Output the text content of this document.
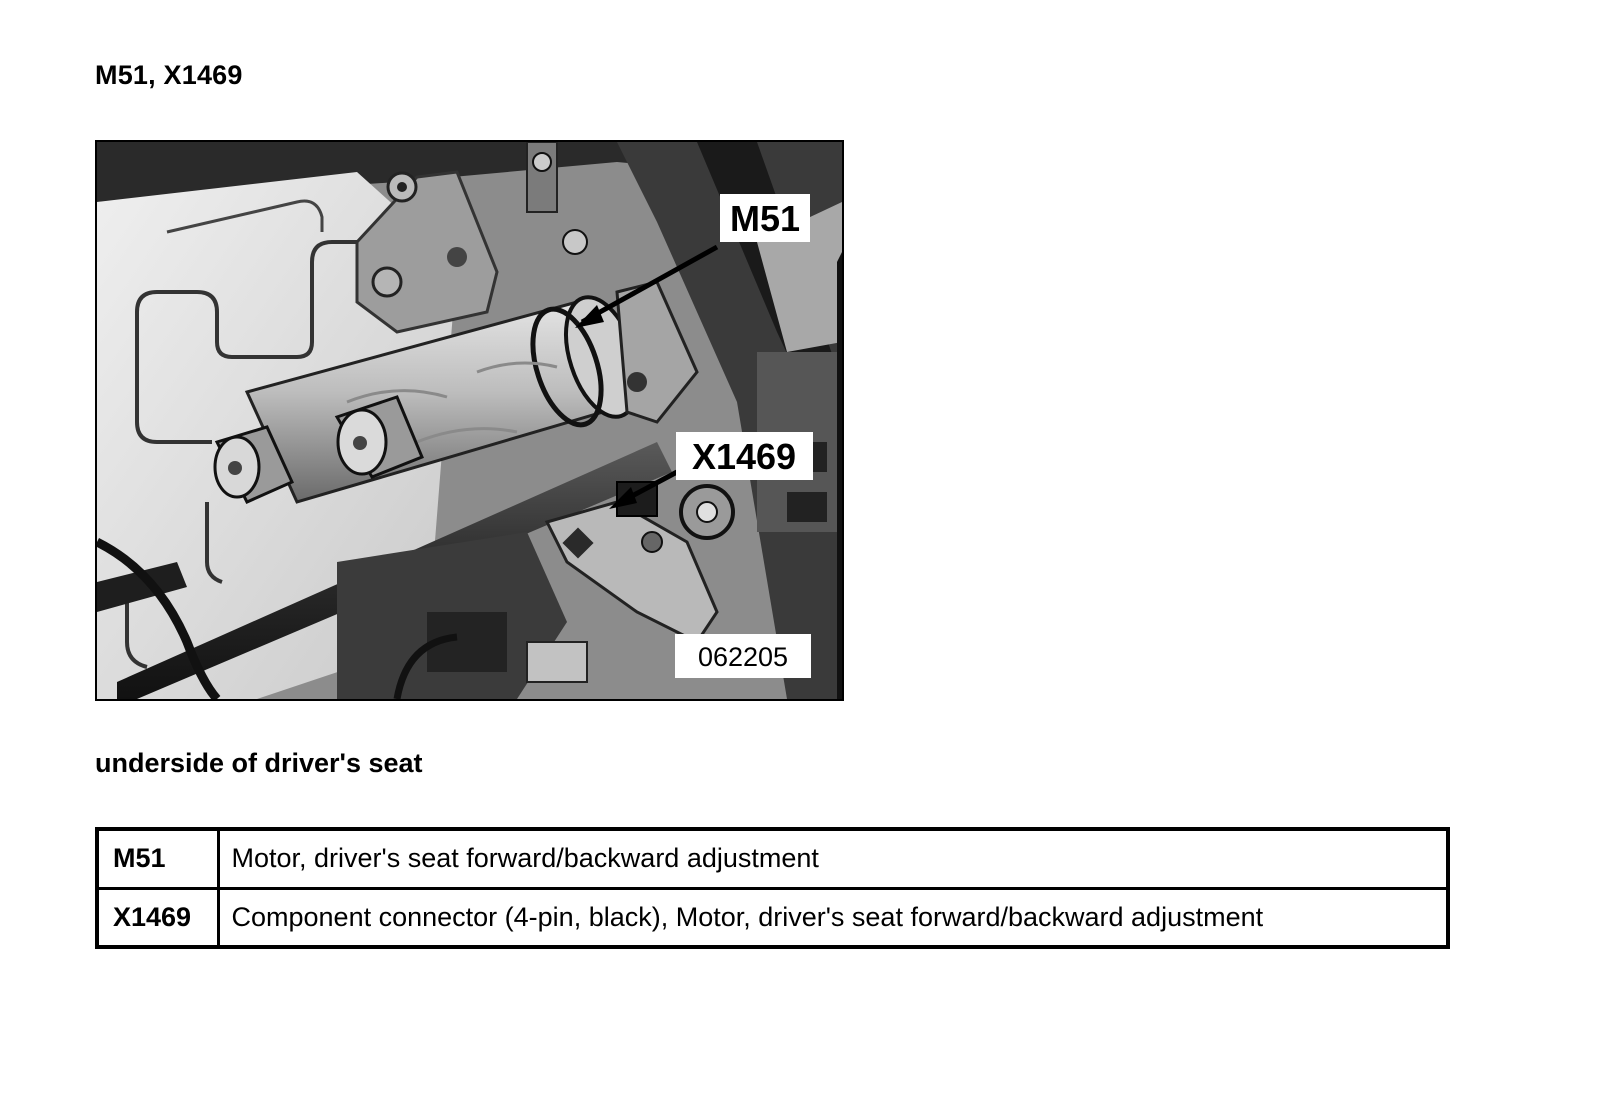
M51, X1469
M51
X1469
062205
underside of driver's seat
M51	Motor, driver's seat forward/backward adjustment
X1469	Component connector (4-pin, black), Motor, driver's seat forward/backward adjustment
